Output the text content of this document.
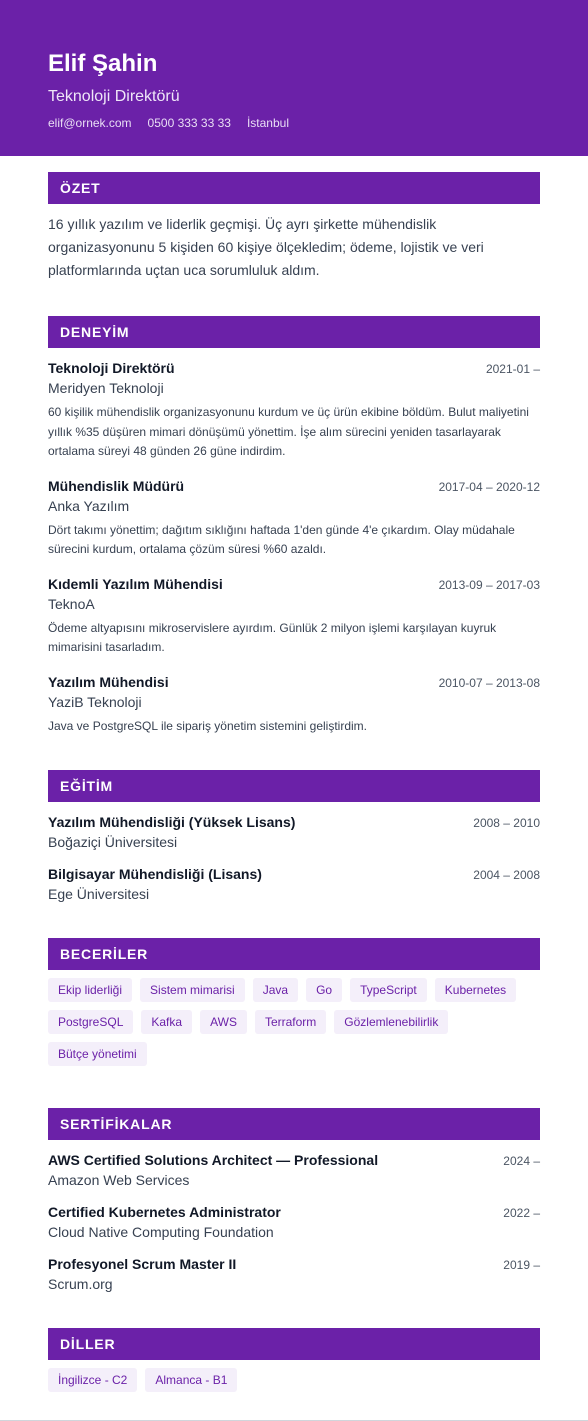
Elif Şahin
Teknoloji Direktörü
elif@ornek.com 0500 333 33 33 İstanbul
ÖZET

16 yıllık yazılım ve liderlik geçmişi. Üç ayrı şirkette mühendislik organizasyonunu 5 kişiden 60 kişiye ölçekledim; ödeme, lojistik ve veri platformlarında uçtan uca sorumluluk aldım.

DENEYİM
Teknoloji Direktörü	2021-01 –
Meridyen Teknoloji
60 kişilik mühendislik organizasyonunu kurdum ve üç ürün ekibine böldüm. Bulut maliyetini yıllık %35 düşüren mimari dönüşümü yönettim. İşe alım sürecini yeniden tasarlayarak ortalama süreyi 48 günden 26 güne indirdim.
Mühendislik Müdürü	2017-04 – 2020-12
Anka Yazılım
Dört takımı yönettim; dağıtım sıklığını haftada 1'den günde 4'e çıkardım. Olay müdahale sürecini kurdum, ortalama çözüm süresi %60 azaldı.
Kıdemli Yazılım Mühendisi	2013-09 – 2017-03
TeknoA
Ödeme altyapısını mikroservislere ayırdım. Günlük 2 milyon işlemi karşılayan kuyruk mimarisini tasarladım.
Yazılım Mühendisi	2010-07 – 2013-08
YaziB Teknoloji
Java ve PostgreSQL ile sipariş yönetim sistemini geliştirdim.
EĞİTİM
Yazılım Mühendisliği (Yüksek Lisans)	2008 – 2010
Boğaziçi Üniversitesi
Bilgisayar Mühendisliği (Lisans)	2004 – 2008
Ege Üniversitesi
BECERİLER
Ekip liderliği	Sistem mimarisi	Java	Go	TypeScript	Kubernetes
PostgreSQL	Kafka	AWS	Terraform	Gözlemlenebilirlik
Bütçe yönetimi
SERTİFİKALAR
AWS Certified Solutions Architect — Professional	2024 –
Amazon Web Services
Certified Kubernetes Administrator	2022 –
Cloud Native Computing Foundation
Profesyonel Scrum Master II	2019 –
Scrum.org
DİLLER
İngilizce - C2	Almanca - B1
